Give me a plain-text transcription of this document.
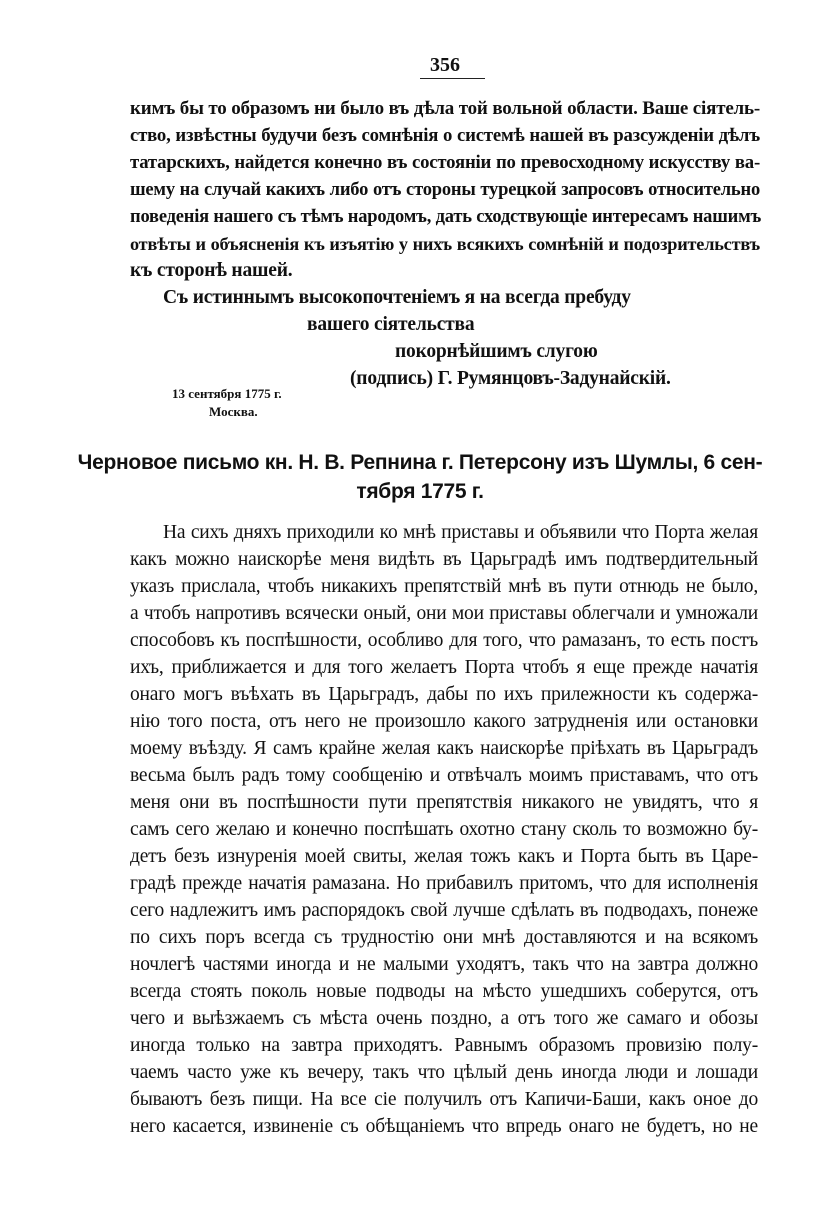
356
кимъ бы то образомъ ни было въ дѣла той вольной области. Ваше сіятель-
ство, извѣстны будучи безъ сомнѣнія о системѣ нашей въ разсужденіи дѣлъ
татарскихъ, найдется конечно въ состояніи по превосходному искусству ва-
шему на случай какихъ либо отъ стороны турецкой запросовъ относительно
поведенія нашего съ тѣмъ народомъ, дать сходствующіе интересамъ нашимъ
отвѣты и объясненія къ изъятію у нихъ всякихъ сомнѣній и подозрительствъ
къ сторонѣ нашей.
Съ истиннымъ высокопочтеніемъ я на всегда пребуду
вашего сіятельства
покорнѣйшимъ слугою
(подпись) Г. Румянцовъ-Задунайскій.
13 сентября 1775 г.
Москва.
Черновое письмо кн. Н. В. Репнина г. Петерсону изъ Шумлы, 6 сен-
тября 1775 г.
На сихъ дняхъ приходили ко мнѣ приставы и объявили что Порта желая
какъ можно наискорѣе меня видѣть въ Царьградѣ имъ подтвердительный
указъ прислала, чтобъ никакихъ препятствій мнѣ въ пути отнюдь не было,
а чтобъ напротивъ всячески оный, они мои приставы облегчали и умножали
способовъ къ поспѣшности, особливо для того, что рамазанъ, то есть постъ
ихъ, приближается и для того желаетъ Порта чтобъ я еще прежде начатія
онаго могъ въѣхать въ Царьградъ, дабы по ихъ прилежности къ содержа-
нію того поста, отъ него не произошло какого затрудненія или остановки
моему въѣзду. Я самъ крайне желая какъ наискорѣе пріѣхать въ Царьградъ
весьма былъ радъ тому сообщенію и отвѣчалъ моимъ приставамъ, что отъ
меня они въ поспѣшности пути препятствія никакого не увидятъ, что я
самъ сего желаю и конечно поспѣшать охотно стану сколь то возможно бу-
детъ безъ изнуренія моей свиты, желая тожъ какъ и Порта быть въ Царе-
градѣ прежде начатія рамазана. Но прибавилъ притомъ, что для исполненія
сего надлежитъ имъ распорядокъ свой лучше сдѣлать въ подводахъ, понеже
по сихъ поръ всегда съ трудностію они мнѣ доставляются и на всякомъ
ночлегѣ частями иногда и не малыми уходятъ, такъ что на завтра должно
всегда стоять поколь новые подводы на мѣсто ушедшихъ соберутся, отъ
чего и выѣзжаемъ съ мѣста очень поздно, а отъ того же самаго и обозы
иногда только на завтра приходятъ. Равнымъ образомъ провизію полу-
чаемъ часто уже къ вечеру, такъ что цѣлый день иногда люди и лошади
бываютъ безъ пищи. На все сіе получилъ отъ Капичи-Баши, какъ оное до
него касается, извиненіе съ обѣщаніемъ что впредь онаго не будетъ, но не
